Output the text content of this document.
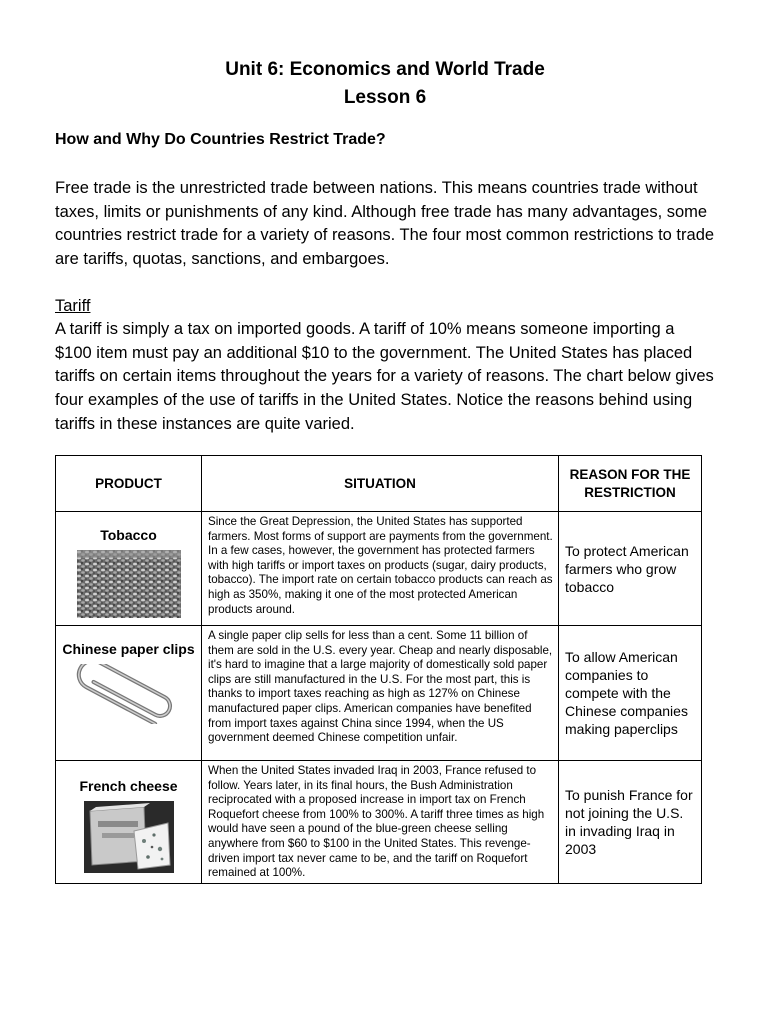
Unit 6: Economics and World Trade
Lesson 6
How and Why Do Countries Restrict Trade?
Free trade is the unrestricted trade between nations. This means countries trade without taxes, limits or punishments of any kind. Although free trade has many advantages, some countries restrict trade for a variety of reasons. The four most common restrictions to trade are tariffs, quotas, sanctions, and embargoes.
Tariff
A tariff is simply a tax on imported goods. A tariff of 10% means someone importing a $100 item must pay an additional $10 to the government. The United States has placed tariffs on certain items throughout the years for a variety of reasons. The chart below gives four examples of the use of tariffs in the United States. Notice the reasons behind using tariffs in these instances are quite varied.
PRODUCT	SITUATION	REASON FOR THE RESTRICTION

Tobacco	Since the Great Depression, the United States has supported farmers. Most forms of support are payments from the government. In a few cases, however, the government has protected farmers with high tariffs or import taxes on products (sugar, dairy products, tobacco). The import rate on certain tobacco products can reach as high as 350%, making it one of the most protected American products around.	To protect American farmers who grow tobacco

Chinese paper clips	A single paper clip sells for less than a cent. Some 11 billion of them are sold in the U.S. every year. Cheap and nearly disposable, it's hard to imagine that a large majority of domestically sold paper clips are still manufactured in the U.S. For the most part, this is thanks to import taxes reaching as high as 127% on Chinese manufactured paper clips. American companies have benefited from import taxes against China since 1994, when the US government deemed Chinese competition unfair.	To allow American companies to compete with the Chinese companies making paperclips

French cheese	When the United States invaded Iraq in 2003, France refused to follow. Years later, in its final hours, the Bush Administration reciprocated with a proposed increase in import tax on French Roquefort cheese from 100% to 300%. A tariff three times as high would have seen a pound of the blue-green cheese selling anywhere from $60 to $100 in the United States. This revenge-driven import tax never came to be, and the tariff on Roquefort remained at 100%.	To punish France for not joining the U.S. in invading Iraq in 2003
